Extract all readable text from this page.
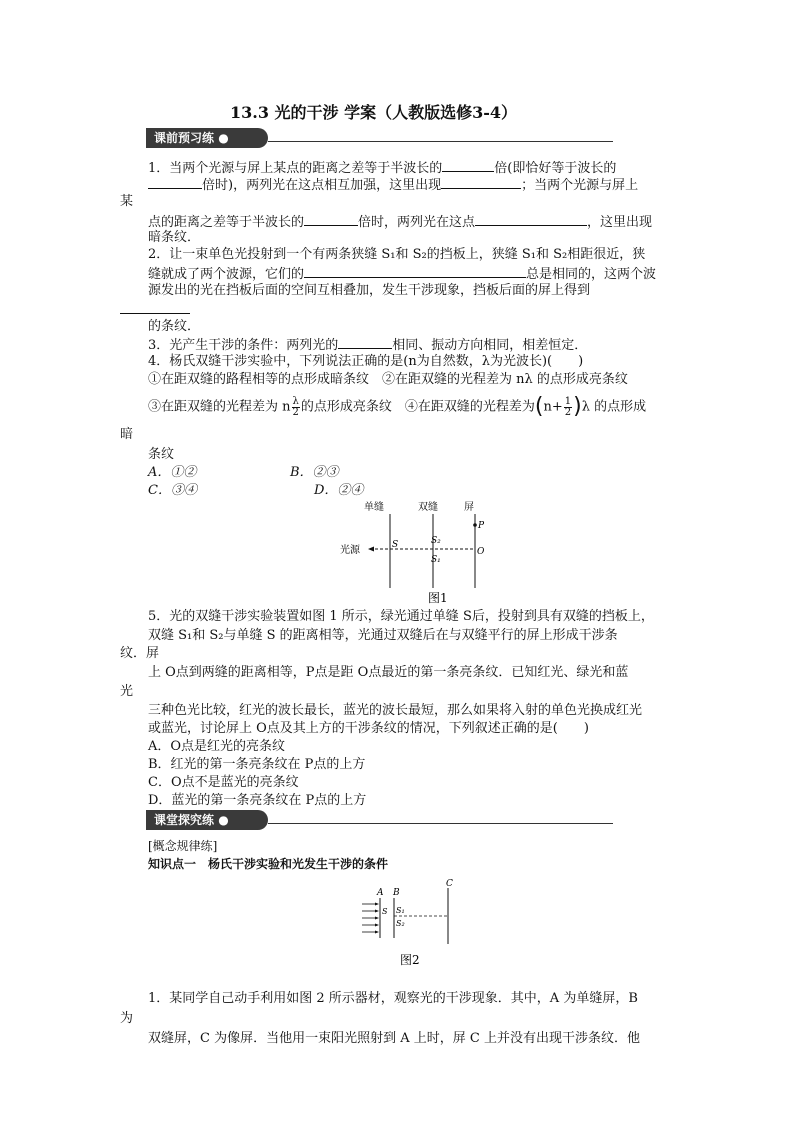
13.3 光的干涉 学案（人教版选修3-4）
课前预习练 ●
1．当两个光源与屏上某点的距离之差等于半波长的	倍(即恰好等于波长的
倍时)，两列光在这点相互加强，这里出现	；当两个光源与屏上
某
点的距离之差等于半波长的	倍时，两列光在这点	，这里出现
暗条纹．
2．让一束单色光投射到一个有两条狭缝 S₁和 S₂的挡板上，狭缝 S₁和 S₂相距很近，狭
缝就成了两个波源，它们的	总是相同的，这两个波
源发出的光在挡板后面的空间互相叠加，发生干涉现象，挡板后面的屏上得到
的条纹．
3．光产生干涉的条件：两列光的	相同、振动方向相同，相差恒定．
4．杨氏双缝干涉实验中，下列说法正确的是(n为自然数，λ为光波长)(　　)
①在距双缝的路程相等的点形成暗条纹　②在距双缝的光程差为 nλ 的点形成亮条纹
③在距双缝的光程差为 n $\frac{\lambda}{2}$ 的点形成亮条纹　④在距双缝的光程差为$(n+ \frac{1}{2} )\lambda$ 的点形成
暗
条纹
A．①②	B．②③
C．③④	D．②④
单缝	双缝	屏
光源	S	S₂
S₁
O
P
图1
5．光的双缝干涉实验装置如图 1 所示，绿光通过单缝 S后，投射到具有双缝的挡板上，
双缝 S₁和 S₂与单缝 S 的距离相等，光通过双缝后在与双缝平行的屏上形成干涉条
纹．屏
上 O点到两缝的距离相等，P点是距 O点最近的第一条亮条纹．已知红光、绿光和蓝
光
三种色光比较，红光的波长最长，蓝光的波长最短，那么如果将入射的单色光换成红光
或蓝光，讨论屏上 O点及其上方的干涉条纹的情况，下列叙述正确的是(　　)
A．O点是红光的亮条纹
B．红光的第一条亮条纹在 P点的上方
C．O点不是蓝光的亮条纹
D．蓝光的第一条亮条纹在 P点的上方
课堂探究练 ●
[概念规律练]
知识点一　杨氏干涉实验和光发生干涉的条件
A B
C
S S₁
S₂
图2
1．某同学自己动手利用如图 2 所示器材，观察光的干涉现象．其中，A 为单缝屏，B
为
双缝屏，C 为像屏．当他用一束阳光照射到 A 上时，屏 C 上并没有出现干涉条纹．他
